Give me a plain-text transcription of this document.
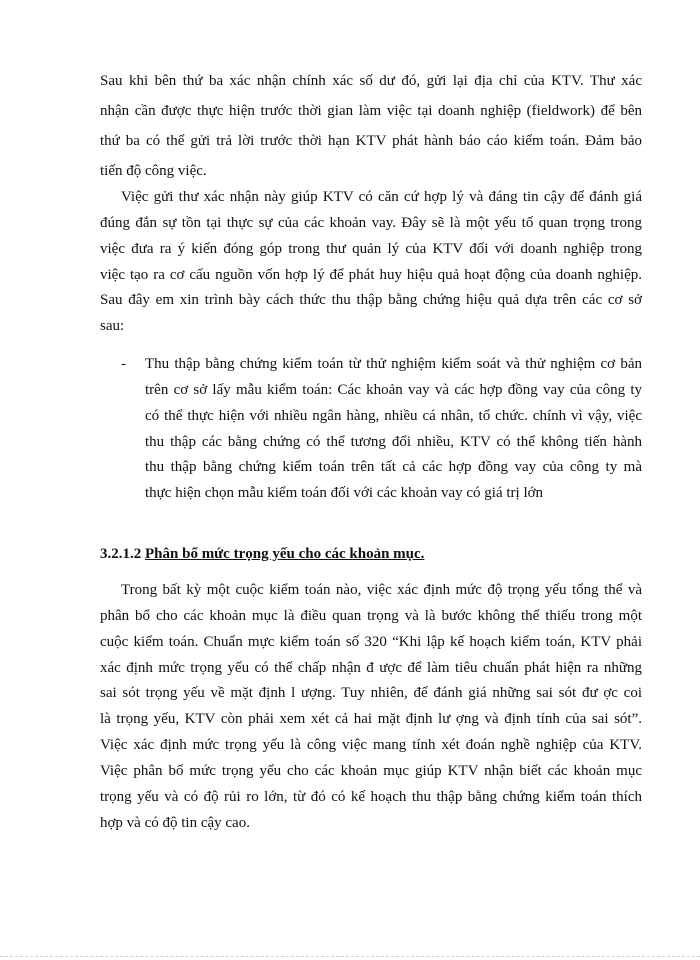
Sau khi bên thứ ba xác nhận chính xác số dư đó, gửi lại địa chỉ của KTV. Thư xác
nhận cần được thực hiện trước thời gian làm việc tại doanh nghiệp (fieldwork) để bên
thứ ba có thể gửi trả lời trước thời hạn KTV phát hành báo cáo kiểm toán. Đảm bảo
tiến độ công việc.
Việc gửi thư xác nhận này giúp KTV có căn cứ hợp lý và đáng tin cậy để đánh giá
đúng đắn sự tồn tại thực sự của các khoản vay. Đây sẽ là một yếu tố quan trọng trong
việc đưa ra ý kiến đóng góp trong thư quản lý của KTV đối với doanh nghiệp trong
việc tạo ra cơ cấu nguồn vốn hợp lý để phát huy hiệu quả hoạt động của doanh nghiệp.
Sau đây em xin trình bày cách thức thu thập bằng chứng hiệu quả dựa trên các cơ sở
sau:
- Thu thập bằng chứng kiểm toán từ thử nghiệm kiểm soát và thử nghiệm cơ bản
trên cơ sở lấy mẫu kiểm toán: Các khoản vay và các hợp đồng vay của công ty
có thể thực hiện với nhiều ngân hàng, nhiều cá nhân, tổ chức. chính vì vậy, việc
thu thập các bằng chứng có thể tương đối nhiều, KTV có thể không tiến hành
thu thập bằng chứng kiểm toán trên tất cả các hợp đồng vay của công ty mà
thực hiện chọn mẫu kiểm toán đối với các khoản vay có giá trị lớn
3.2.1.2 Phân bổ mức trọng yếu cho các khoản mục.
Trong bất kỳ một cuộc kiểm toán nào, việc xác định mức độ trọng yếu tổng thể và
phân bổ cho các khoản mục là điều quan trọng và là bước không thể thiếu trong một
cuộc kiểm toán. Chuẩn mực kiểm toán số 320 “Khi lập kế hoạch kiểm toán, KTV phải
xác định mức trọng yếu có thể chấp nhận đ ược để làm tiêu chuẩn phát hiện ra những
sai sót trọng yếu về mặt định l ượng. Tuy nhiên, để đánh giá những sai sót đư ợc coi
là trọng yếu, KTV còn phải xem xét cả hai mặt định lư ợng và định tính của sai sót”.
Việc xác định mức trọng yếu là công việc mang tính xét đoán nghề nghiệp của KTV.
Việc phân bổ mức trọng yếu cho các khoản mục giúp KTV nhận biết các khoản mục
trọng yếu và có độ rủi ro lớn, từ đó có kế hoạch thu thập bằng chứng kiểm toán thích
hợp và có độ tin cậy cao.
